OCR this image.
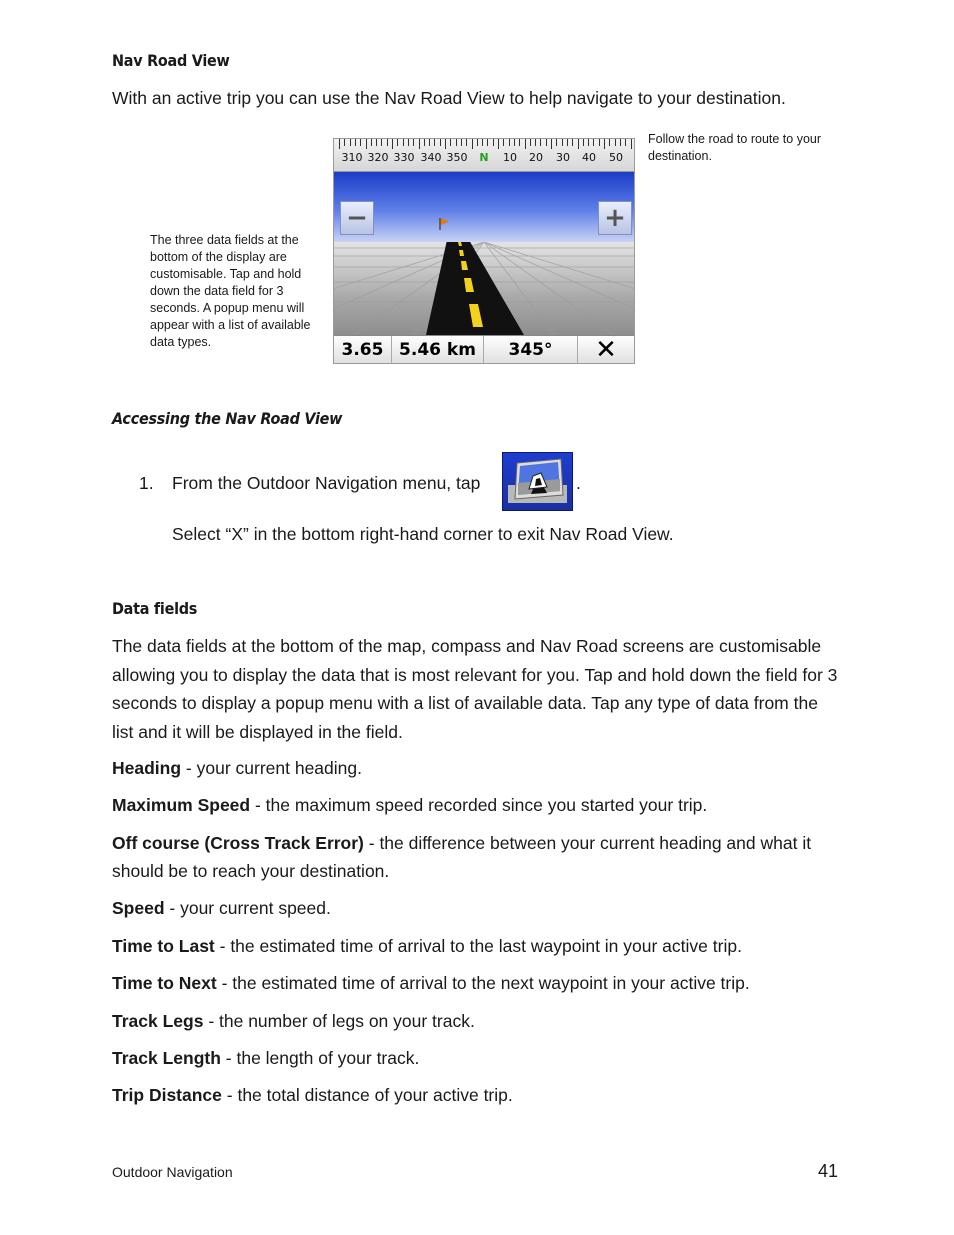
Nav Road View
With an active trip you can use the Nav Road View to help navigate to your destination.
Follow the road to route to your destination.
The three data fields at the bottom of the display are customisable. Tap and hold down the data field for 3 seconds. A popup menu will appear with a list of available data types.
310 320 330 340 350 N 10 20 30 40 50
−	+
3.65 5.46 km	345°	✕
Accessing the Nav Road View
1. From the Outdoor Navigation menu, tap	.
Select “X” in the bottom right-hand corner to exit Nav Road View.
Data fields
The data fields at the bottom of the map, compass and Nav Road screens are customisable allowing you to display the data that is most relevant for you. Tap and hold down the field for 3 seconds to display a popup menu with a list of available data. Tap any type of data from the list and it will be displayed in the field.
Heading - your current heading.
Maximum Speed - the maximum speed recorded since you started your trip.
Off course (Cross Track Error) - the difference between your current heading and what it should be to reach your destination.
Speed - your current speed.
Time to Last - the estimated time of arrival to the last waypoint in your active trip.
Time to Next - the estimated time of arrival to the next waypoint in your active trip.
Track Legs - the number of legs on your track.
Track Length - the length of your track.
Trip Distance - the total distance of your active trip.
Outdoor Navigation	41
